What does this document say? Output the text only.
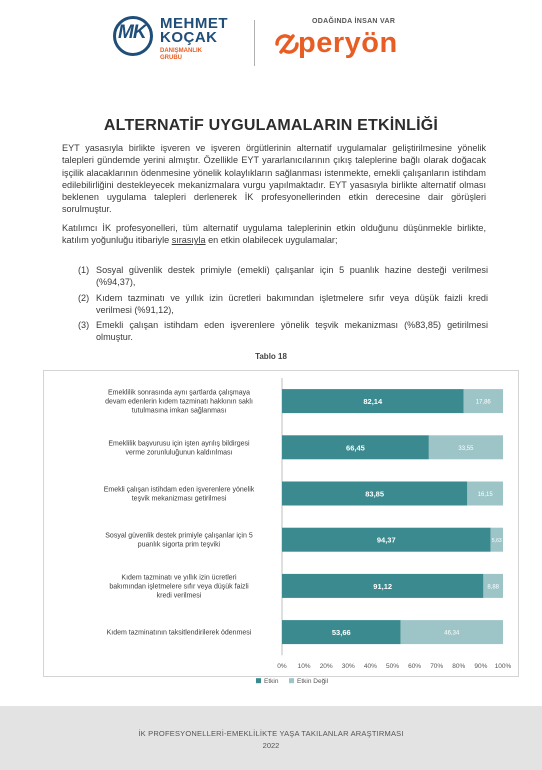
MK MEHMET
KOÇAK
DANIŞMANLIK
GRUBU
ODAĞINDA İNSAN VAR
peryön
ALTERNATİF UYGULAMALARIN ETKİNLİĞİ

EYT yasasıyla birlikte işveren ve işveren örgütlerinin alternatif uygulamalar geliştirilmesine yönelik talepleri gündemde yerini almıştır. Özellikle EYT yararlanıcılarının çıkış taleplerine bağlı olarak doğacak işçilik alacaklarının ödenmesine yönelik kolaylıkların sağlanması istenmekte, emekli çalışanların istihdam edilebilirliğini destekleyecek mekanizmalara vurgu yapılmaktadır. EYT yasasıyla birlikte alternatif olması beklenen uygulama talepleri derlenerek İK profesyonellerinden etkin derecesine dair görüşleri sorulmuştur.

Katılımcı İK profesyonelleri, tüm alternatif uygulama taleplerinin etkin olduğunu düşünmekle birlikte, katılım yoğunluğu itibariyle sırasıyla en etkin olabilecek uygulamalar;

(1) Sosyal güvenlik destek primiyle (emekli) çalışanlar için 5 puanlık hazine desteği verilmesi (%94,37),
(2) Kıdem tazminatı ve yıllık izin ücretleri bakımından işletmelere sıfır veya düşük faizli kredi verilmesi (%91,12),
(3) Emekli çalışan istihdam eden işverenlere yönelik teşvik mekanizması (%83,85) getirilmesi olmuştur.
Tablo 18
82,14	17,86
Emeklilik sonrasında aynı şartlarda çalışmaya devam edenlerin kıdem tazminatı hakkının saklı tutulmasına imkan sağlanması
66,45	33,55
Emeklilik başvurusu için işten ayrılış bildirgesi verme zorunluluğunun kaldırılması
83,85	16,15
Emekli çalışan istihdam eden işverenlere yönelik teşvik mekanizması getirilmesi
94,37	5,63
Sosyal güvenlik destek primiyle çalışanlar için 5 puanlık sigorta prim teşviki
91,12	8,88
Kıdem tazminatı ve yıllık izin ücretleri bakımından işletmelere sıfır veya düşük faizli kredi verilmesi
53,66	46,34
Kıdem tazminatının taksitlendirilerek ödenmesi
0% 10% 20% 30% 40% 50% 60% 70% 80% 90% 100%
Etkin	Etkin Değil
İK PROFESYONELLERİ-EMEKLİLİKTE YAŞA TAKILANLAR ARAŞTIRMASI
2022
